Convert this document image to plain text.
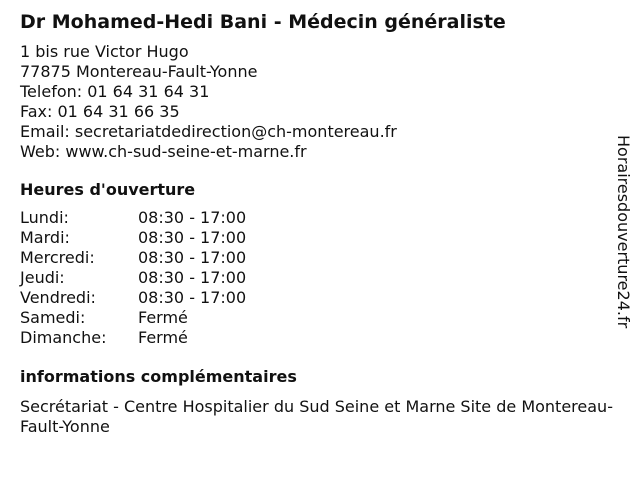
Dr Mohamed-Hedi Bani - Médecin généraliste
1 bis rue Victor Hugo
77875 Montereau-Fault-Yonne
Telefon: 01 64 31 64 31
Fax: 01 64 31 66 35
Email: secretariatdedirection@ch-montereau.fr
Web: www.ch-sud-seine-et-marne.fr
Heures d'ouverture
Lundi:	08:30 - 17:00
Mardi:	08:30 - 17:00
Mercredi:	08:30 - 17:00
Jeudi:	08:30 - 17:00
Vendredi:	08:30 - 17:00
Samedi:	Fermé
Dimanche:	Fermé
informations complémentaires
Secrétariat - Centre Hospitalier du Sud Seine et Marne Site de Montereau-Fault-Yonne
Horairesdouverture24.fr
